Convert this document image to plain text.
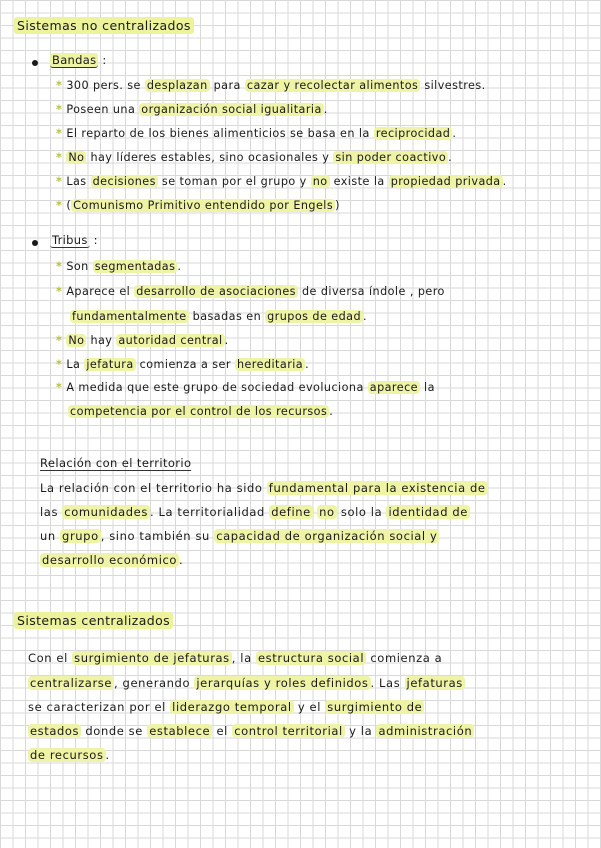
Sistemas no centralizados
Bandas :
* 300 pers. se desplazan para cazar y recolectar alimentos silvestres.
* Poseen una organización social igualitaria .
* El reparto de los bienes alimenticios se basa en la reciprocidad .
* No hay líderes estables, sino ocasionales y sin poder coactivo .
* Las decisiones se toman por el grupo y no existe la propiedad privada .
* ( Comunismo Primitivo entendido por Engels )
Tribus :
* Son segmentadas .
* Aparece el desarrollo de asociaciones de diversa índole , pero
fundamentalmente basadas en grupos de edad .
* No hay autoridad central .
* La jefatura comienza a ser hereditaria .
* A medida que este grupo de sociedad evoluciona aparece la
competencia por el control de los recursos .
Relación con el territorio
La relación con el territorio ha sido fundamental para la existencia de
las comunidades . La territorialidad define no solo la identidad de
un grupo , sino también su capacidad de organización social y
desarrollo económico .
Sistemas centralizados
Con el surgimiento de jefaturas , la estructura social comienza a
centralizarse , generando jerarquías y roles definidos . Las jefaturas
se caracterizan por el liderazgo temporal y el surgimiento de
estados donde se establece el control territorial y la administración
de recursos .
